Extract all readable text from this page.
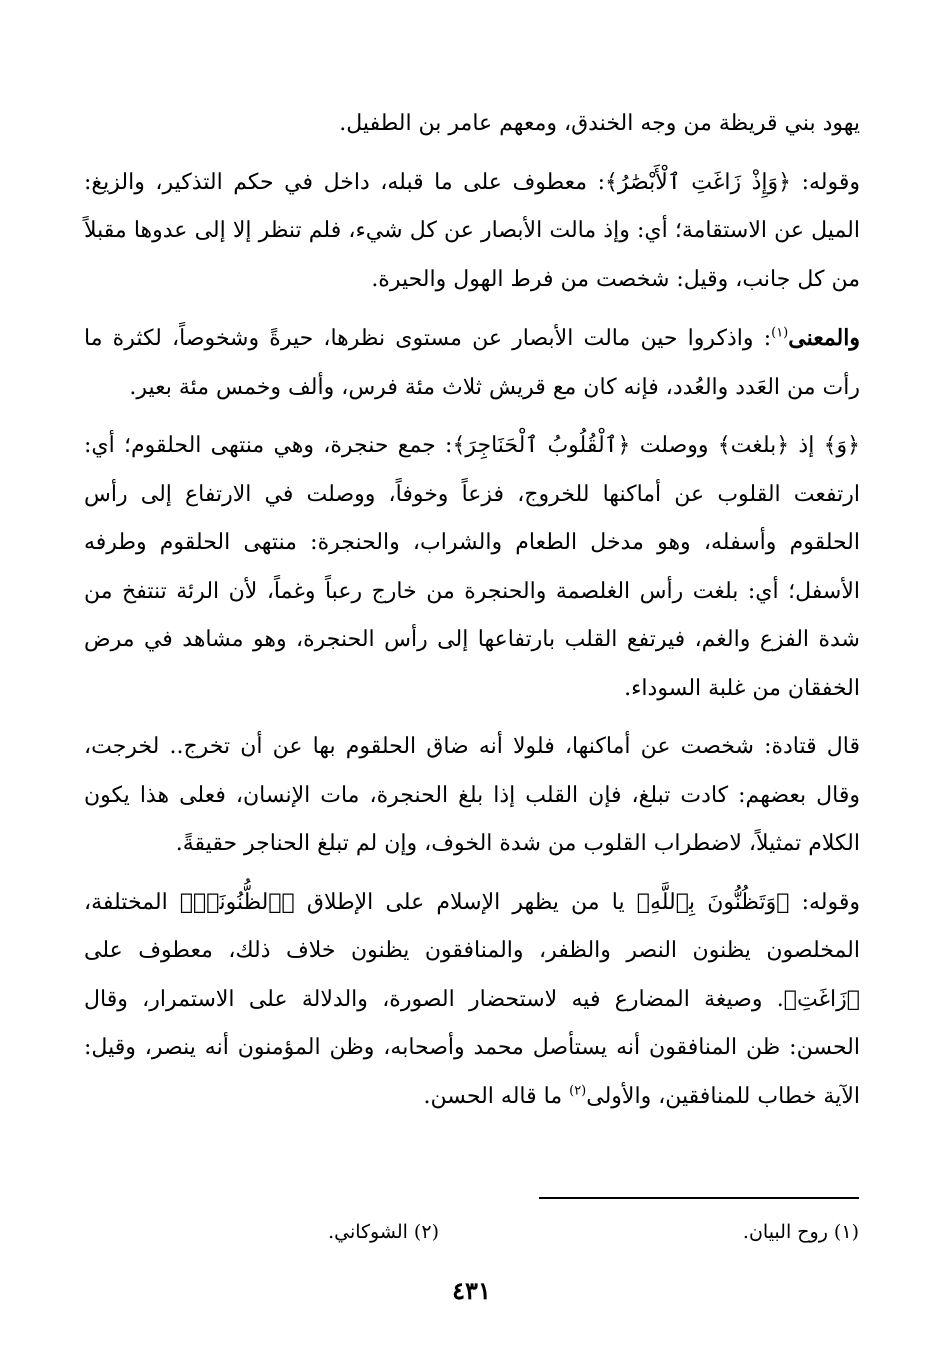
يهود بني قريظة من وجه الخندق، ومعهم عامر بن الطفيل.

وقوله: ﴿وَإِذْ زَاغَتِ ٱلْأَبْصَٰرُ﴾: معطوف على ما قبله، داخل في حكم التذكير، والزيغ: الميل عن الاستقامة؛ أي: وإذ مالت الأبصار عن كل شيء، فلم تنظر إلا إلى عدوها مقبلاً من كل جانب، وقيل: شخصت من فرط الهول والحيرة.

والمعنى$^{(١)}$: واذكروا حين مالت الأبصار عن مستوى نظرها، حيرةً وشخوصاً، لكثرة ما رأت من العَدد والعُدد، فإنه كان مع قريش ثلاث مئة فرس، وألف وخمس مئة بعير.

﴿وَ﴾ إذ ﴿بلغت﴾ ووصلت ﴿ٱلْقُلُوبُ ٱلْحَنَاجِرَ﴾: جمع حنجرة، وهي منتهى الحلقوم؛ أي: ارتفعت القلوب عن أماكنها للخروج، فزعاً وخوفاً، ووصلت في الارتفاع إلى رأس الحلقوم وأسفله، وهو مدخل الطعام والشراب، والحنجرة: منتهى الحلقوم وطرفه الأسفل؛ أي: بلغت رأس الغلصمة والحنجرة من خارج رعباً وغماً، لأن الرئة تنتفخ من شدة الفزع والغم، فيرتفع القلب بارتفاعها إلى رأس الحنجرة، وهو مشاهد في مرض الخفقان من غلبة السوداء.

قال قتادة: شخصت عن أماكنها، فلولا أنه ضاق الحلقوم بها عن أن تخرج.. لخرجت، وقال بعضهم: كادت تبلغ، فإن القلب إذا بلغ الحنجرة، مات الإنسان، فعلى هذا يكون الكلام تمثيلاً، لاضطراب القلوب من شدة الخوف، وإن لم تبلغ الحناجر حقيقةً.

وقوله: ﴿وَتَظُنُّونَ بِٱللَّهِ﴾ يا من يظهر الإسلام على الإطلاق ﴿ٱلظُّنُونَا۠﴾ المختلفة، المخلصون يظنون النصر والظفر، والمنافقون يظنون خلاف ذلك، معطوف على ﴿زَاغَتِ﴾. وصيغة المضارع فيه لاستحضار الصورة، والدلالة على الاستمرار، وقال الحسن: ظن المنافقون أنه يستأصل محمد وأصحابه، وظن المؤمنون أنه ينصر، وقيل: الآية خطاب للمنافقين، والأولى$^{(٢)}$ ما قاله الحسن.

(١) روح البيان.
(٢) الشوكاني.
٤٣١
